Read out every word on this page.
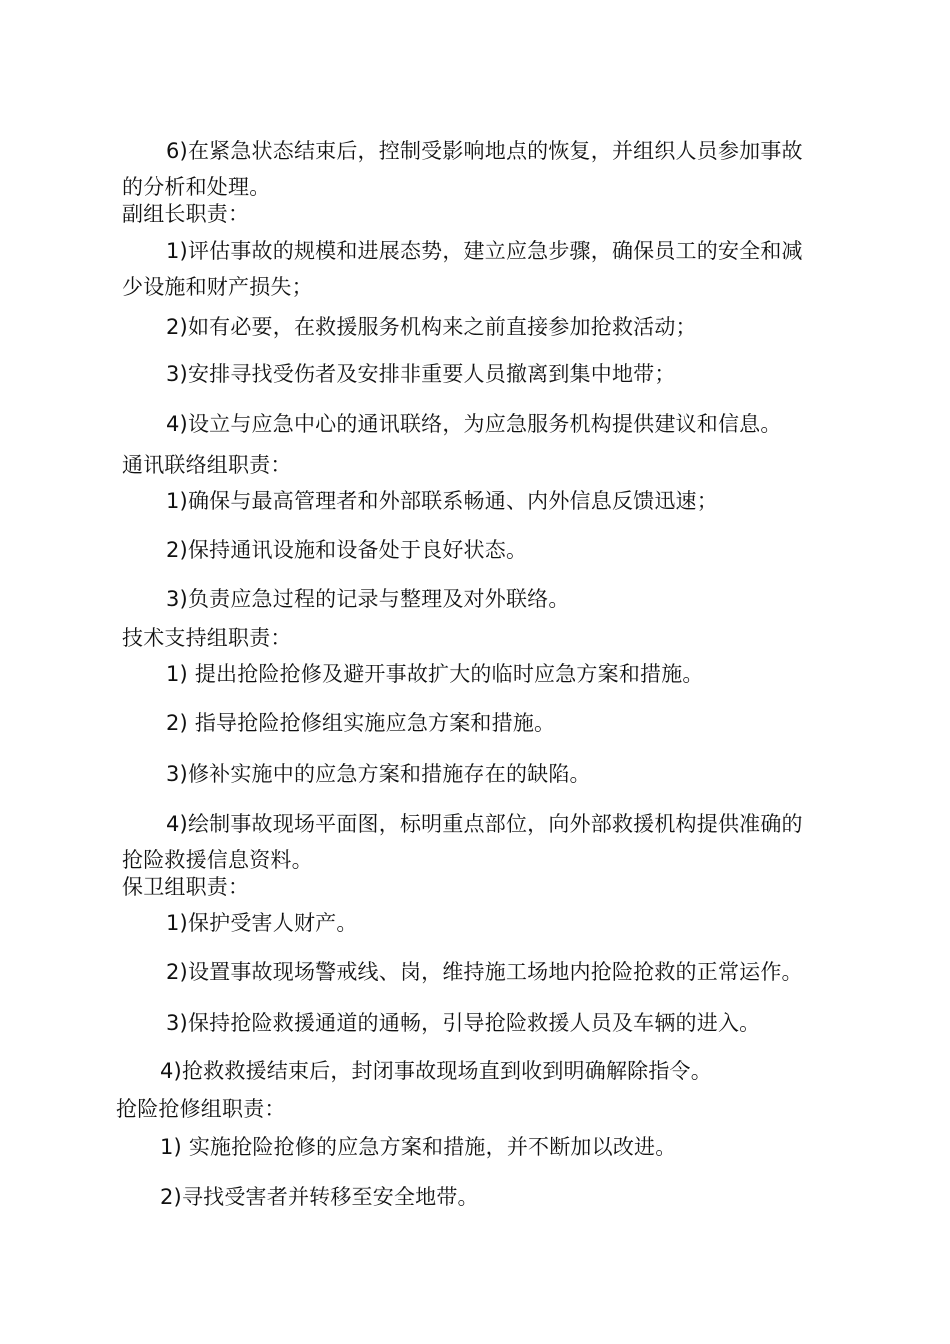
6)在紧急状态结束后，控制受影响地点的恢复，并组织人员参加事故
的分析和处理。
副组长职责：
1)评估事故的规模和进展态势，建立应急步骤，确保员工的安全和减
少设施和财产损失；
2)如有必要，在救援服务机构来之前直接参加抢救活动；
3)安排寻找受伤者及安排非重要人员撤离到集中地带；
4)设立与应急中心的通讯联络，为应急服务机构提供建议和信息。
通讯联络组职责：
1)确保与最高管理者和外部联系畅通、内外信息反馈迅速；
2)保持通讯设施和设备处于良好状态。
3)负责应急过程的记录与整理及对外联络。
技术支持组职责：
1) 提出抢险抢修及避开事故扩大的临时应急方案和措施。
2) 指导抢险抢修组实施应急方案和措施。
3)修补实施中的应急方案和措施存在的缺陷。
4)绘制事故现场平面图，标明重点部位，向外部救援机构提供准确的
抢险救援信息资料。
保卫组职责：
1)保护受害人财产。
2)设置事故现场警戒线、岗，维持施工场地内抢险抢救的正常运作。
3)保持抢险救援通道的通畅，引导抢险救援人员及车辆的进入。
4)抢救救援结束后，封闭事故现场直到收到明确解除指令。
抢险抢修组职责：
1) 实施抢险抢修的应急方案和措施，并不断加以改进。
2)寻找受害者并转移至安全地带。
